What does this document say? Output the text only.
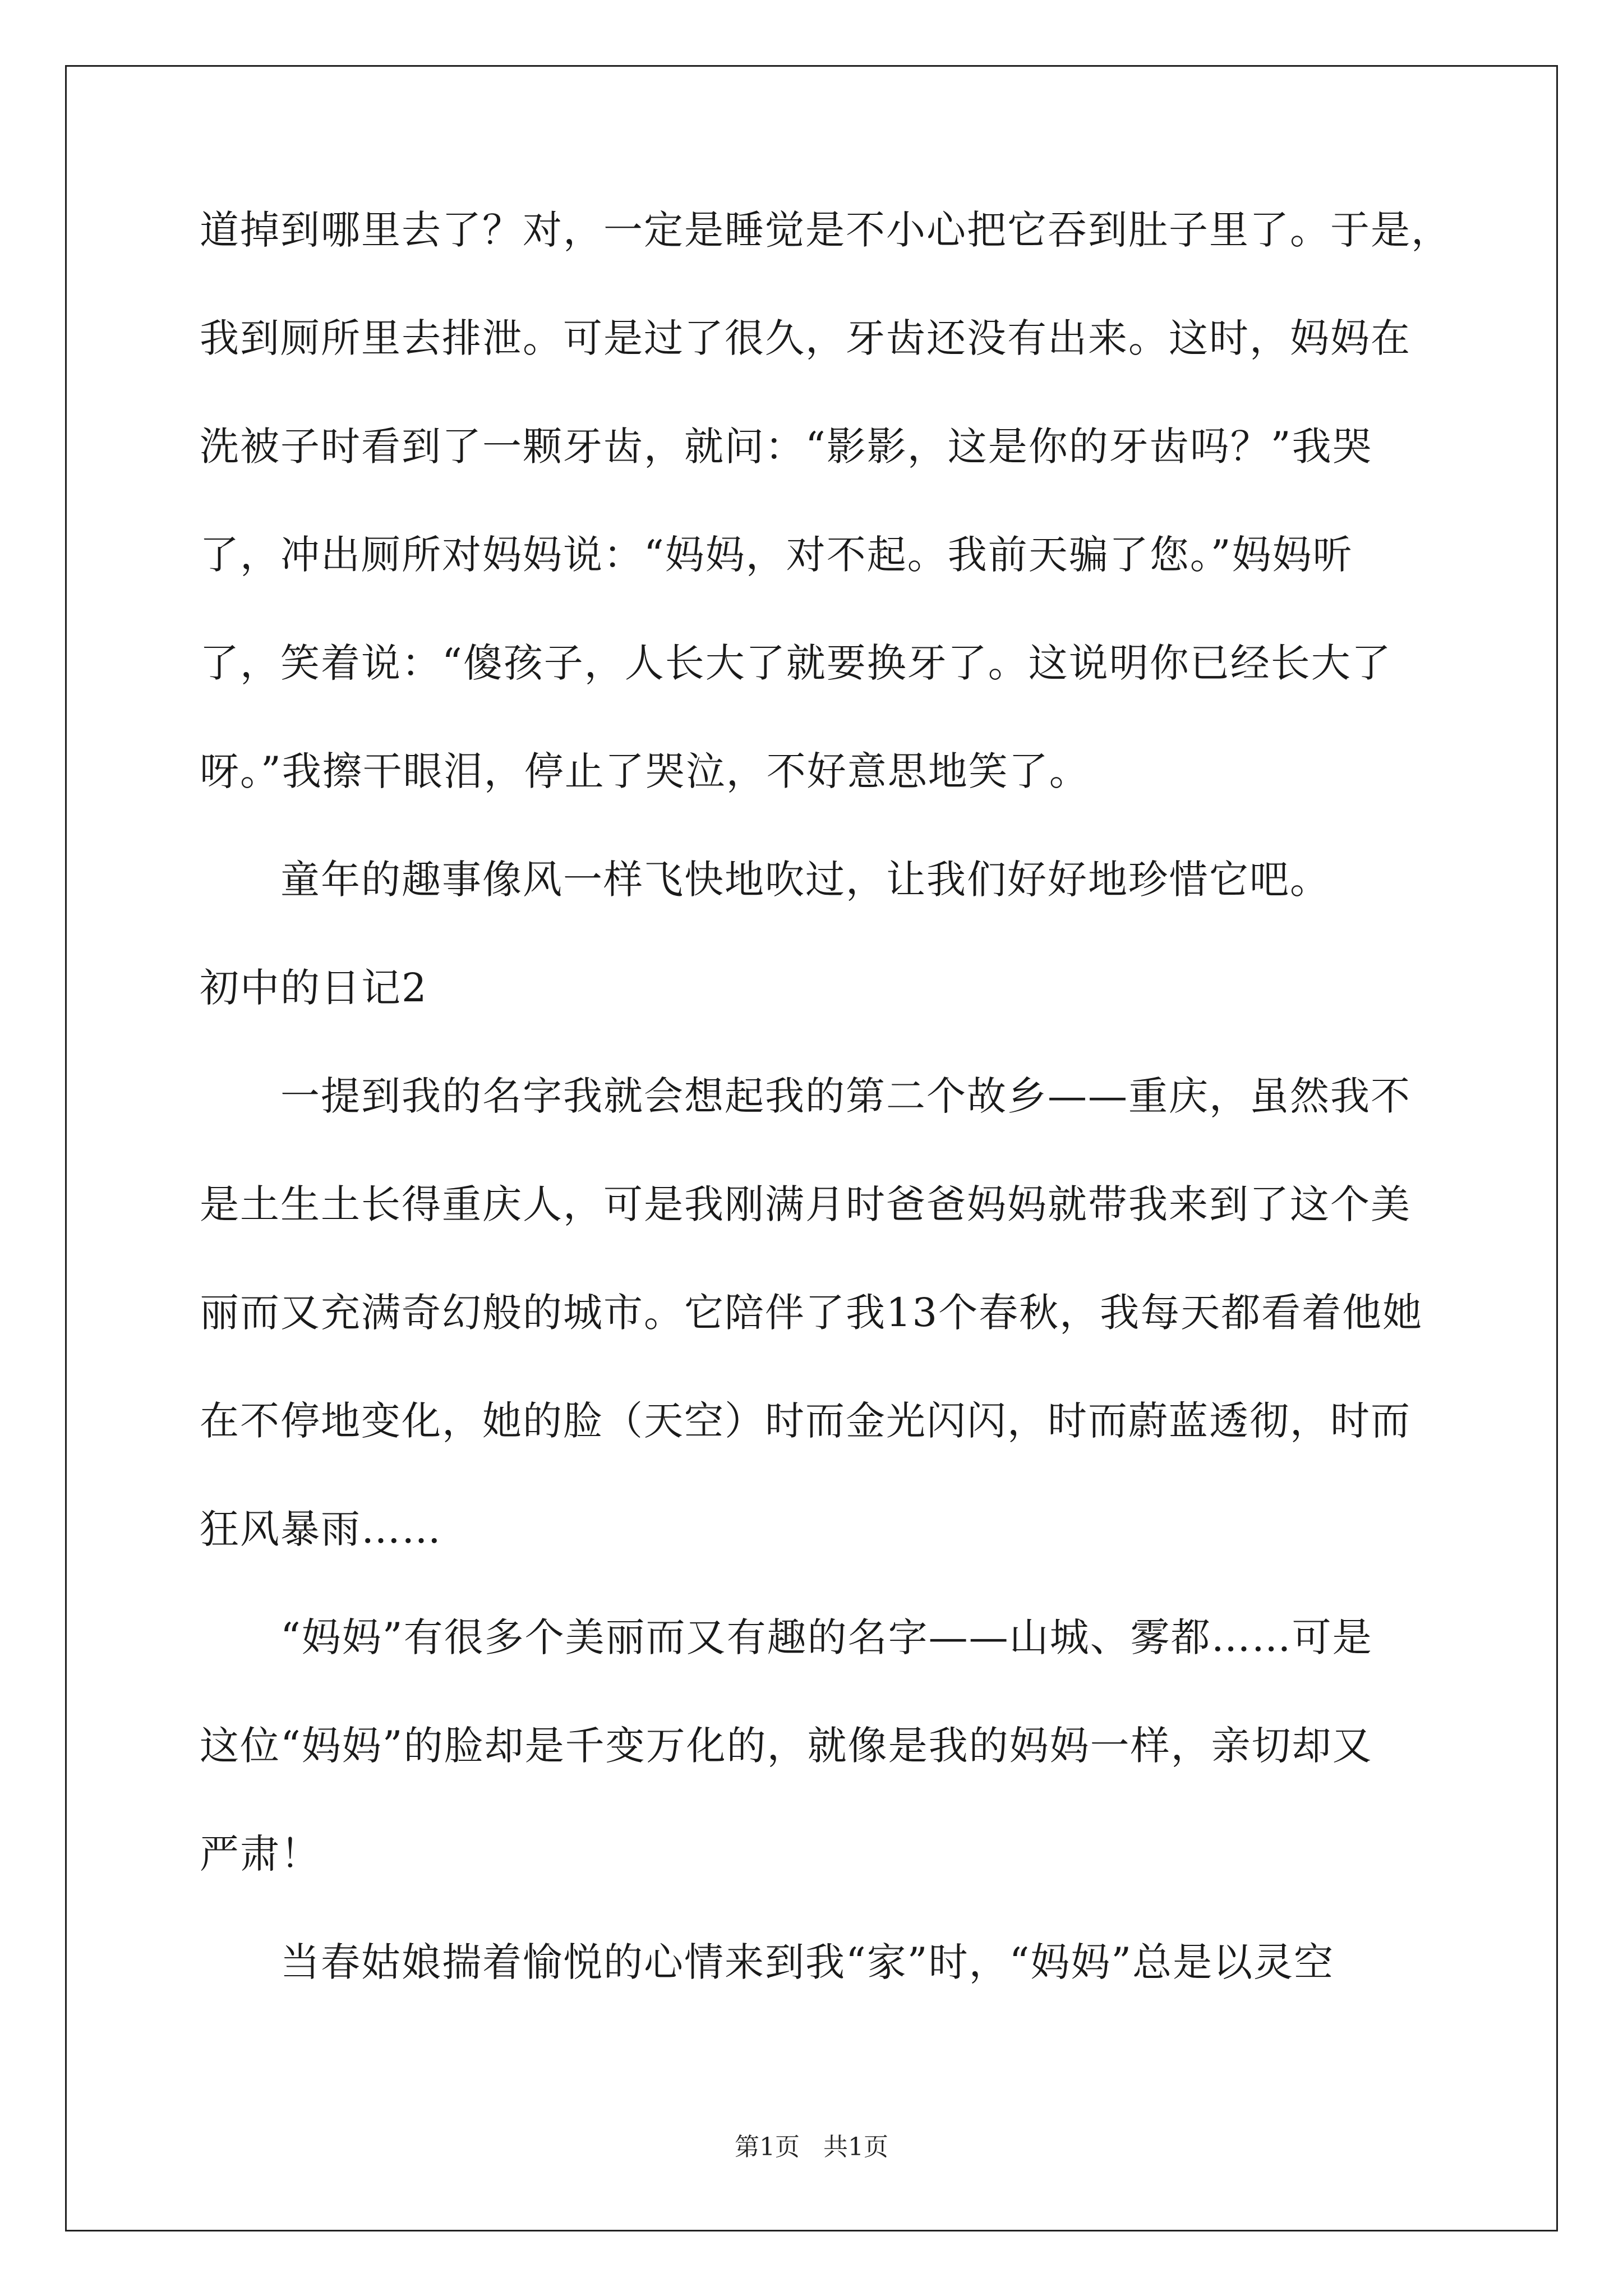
道掉到哪里去了？对，一定是睡觉是不小心把它吞到肚子里了。于是，
我到厕所里去排泄。可是过了很久，牙齿还没有出来。这时，妈妈在
洗被子时看到了一颗牙齿，就问：“影影，这是你的牙齿吗？”我哭
了，冲出厕所对妈妈说：“妈妈，对不起。我前天骗了您。”妈妈听
了，笑着说：“傻孩子，人长大了就要换牙了。这说明你已经长大了
呀。”我擦干眼泪，停止了哭泣，不好意思地笑了。
　　童年的趣事像风一样飞快地吹过，让我们好好地珍惜它吧。
初中的日记2
　　一提到我的名字我就会想起我的第二个故乡——重庆，虽然我不
是土生土长得重庆人，可是我刚满月时爸爸妈妈就带我来到了这个美
丽而又充满奇幻般的城市。它陪伴了我13个春秋，我每天都看着他她
在不停地变化，她的脸（天空）时而金光闪闪，时而蔚蓝透彻，时而
狂风暴雨……
　　“妈妈”有很多个美丽而又有趣的名字——山城、雾都……可是
这位“妈妈”的脸却是千变万化的，就像是我的妈妈一样，亲切却又
严肃！
　　当春姑娘揣着愉悦的心情来到我“家”时，“妈妈”总是以灵空
第1页 共1页
